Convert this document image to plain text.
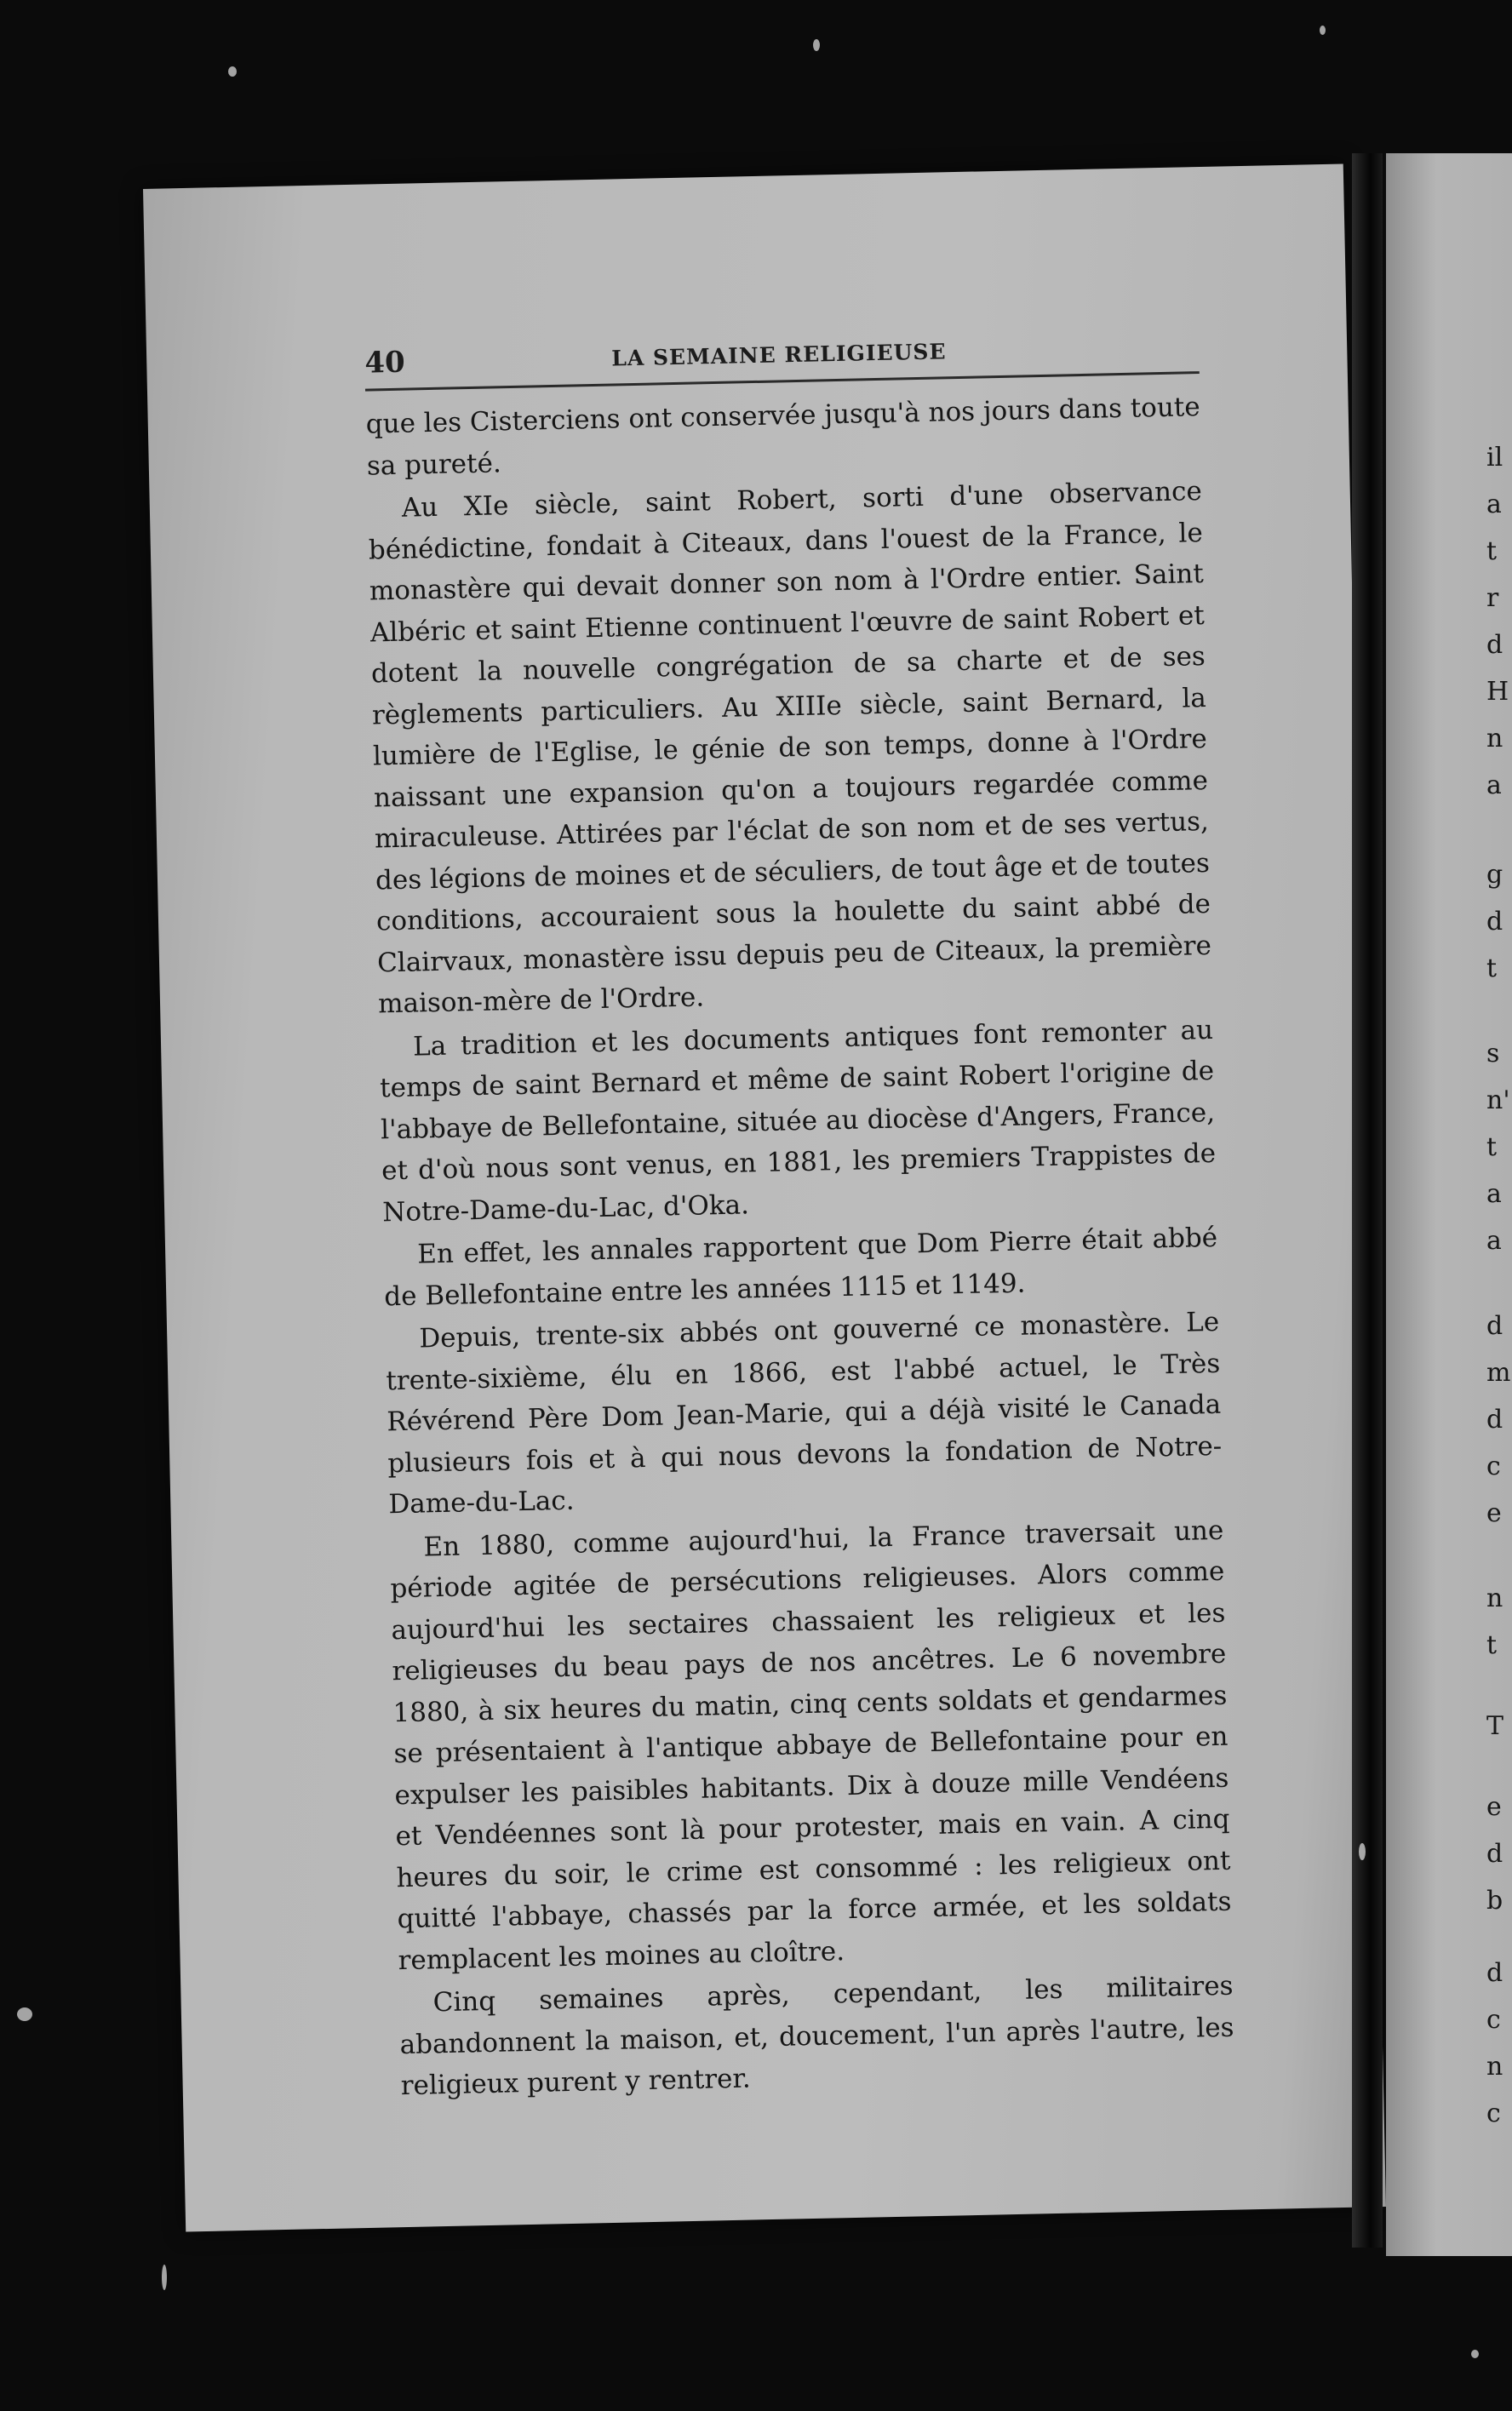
40	LA SEMAINE RELIGIEUSE

que les Cisterciens ont conservée jusqu'à nos jours dans toute sa pureté.

Au XIe siècle, saint Robert, sorti d'une observance bénédictine, fondait à Citeaux, dans l'ouest de la France, le monastère qui devait donner son nom à l'Ordre entier. Saint Albéric et saint Etienne continuent l'œuvre de saint Robert et dotent la nouvelle congrégation de sa charte et de ses règlements particuliers. Au XIIIe siècle, saint Bernard, la lumière de l'Eglise, le génie de son temps, donne à l'Ordre naissant une expansion qu'on a toujours regardée comme miraculeuse. Attirées par l'éclat de son nom et de ses vertus, des légions de moines et de séculiers, de tout âge et de toutes conditions, accouraient sous la houlette du saint abbé de Clairvaux, monastère issu depuis peu de Citeaux, la première maison-mère de l'Ordre.

La tradition et les documents antiques font remonter au temps de saint Bernard et même de saint Robert l'origine de l'abbaye de Bellefontaine, située au diocèse d'Angers, France, et d'où nous sont venus, en 1881, les premiers Trappistes de Notre-Dame-du-Lac, d'Oka.

En effet, les annales rapportent que Dom Pierre était abbé de Bellefontaine entre les années 1115 et 1149.

Depuis, trente-six abbés ont gouverné ce monastère. Le trente-sixième, élu en 1866, est l'abbé actuel, le Très Révérend Père Dom Jean-Marie, qui a déjà visité le Canada plusieurs fois et à qui nous devons la fondation de Notre-Dame-du-Lac.

En 1880, comme aujourd'hui, la France traversait une période agitée de persécutions religieuses. Alors comme aujourd'hui les sectaires chassaient les religieux et les religieuses du beau pays de nos ancêtres. Le 6 novembre 1880, à six heures du matin, cinq cents soldats et gendarmes se présentaient à l'antique abbaye de Bellefontaine pour en expulser les paisibles habitants. Dix à douze mille Vendéens et Vendéennes sont là pour protester, mais en vain. A cinq heures du soir, le crime est consommé : les religieux ont quitté l'abbaye, chassés par la force armée, et les soldats remplacent les moines au cloître.

Cinq semaines après, cependant, les militaires abandonnent la maison, et, doucement, l'un après l'autre, les religieux purent y rentrer.

il
a
t
r
d
H
n
a
g
d
t
s
n'
t
a
a
d
m
d
c
e
n
t
T
e
d
b
d
c
n
c
